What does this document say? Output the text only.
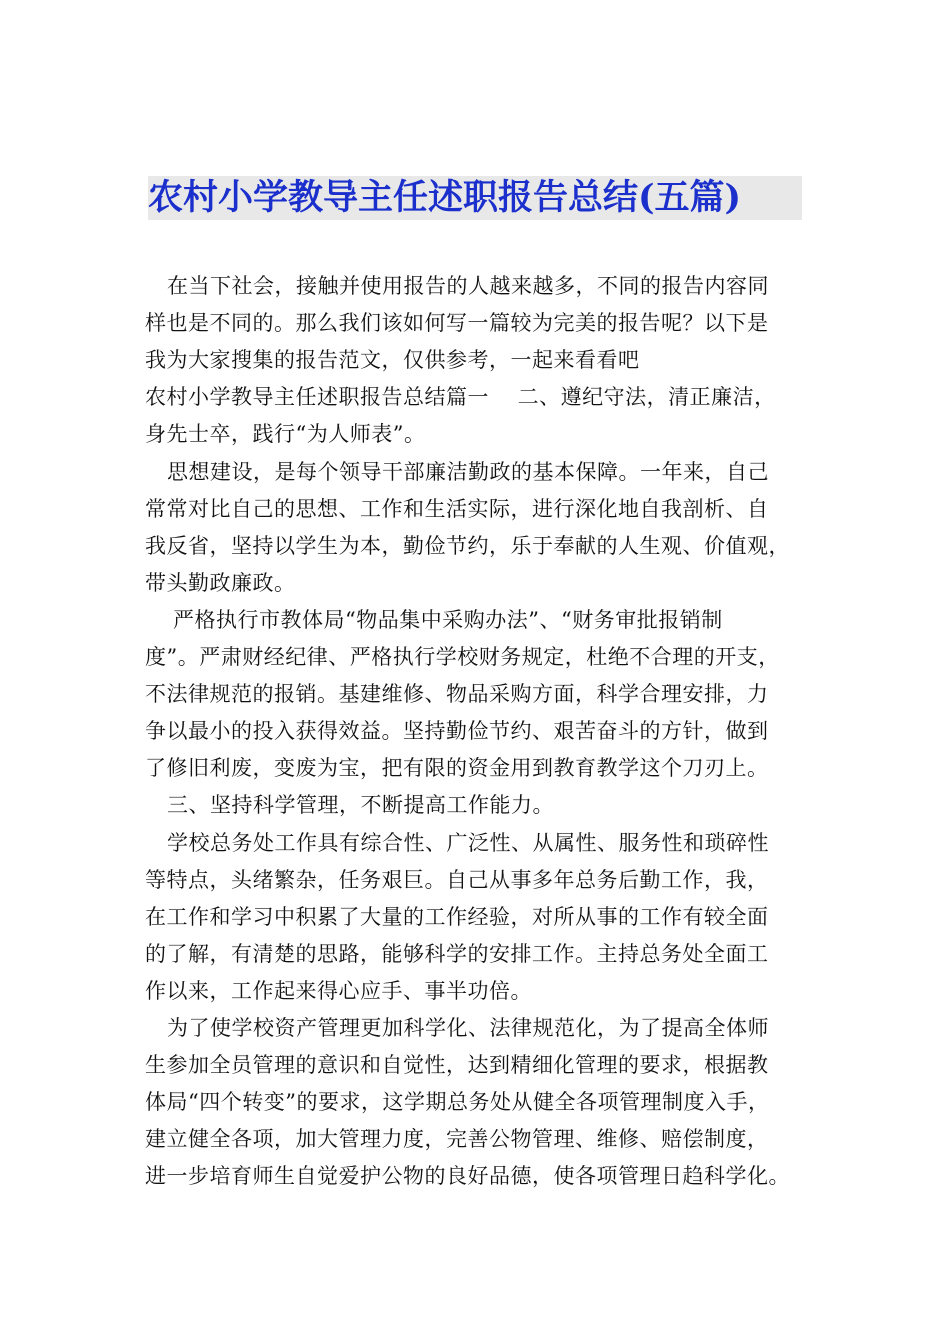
农村小学教导主任述职报告总结(五篇)
在当下社会，接触并使用报告的人越来越多，不同的报告内容同
样也是不同的。那么我们该如何写一篇较为完美的报告呢？以下是
我为大家搜集的报告范文，仅供参考，一起来看看吧
农村小学教导主任述职报告总结篇一　 二、遵纪守法，清正廉洁，
身先士卒，践行“为人师表”。
思想建设，是每个领导干部廉洁勤政的基本保障。一年来，自己
常常对比自己的思想、工作和生活实际，进行深化地自我剖析、自
我反省，坚持以学生为本，勤俭节约，乐于奉献的人生观、价值观，
带头勤政廉政。
严格执行市教体局“物品集中采购办法”、“财务审批报销制
度”。严肃财经纪律、严格执行学校财务规定，杜绝不合理的开支，
不法律规范的报销。基建维修、物品采购方面，科学合理安排，力
争以最小的投入获得效益。坚持勤俭节约、艰苦奋斗的方针，做到
了修旧利废，变废为宝，把有限的资金用到教育教学这个刀刃上。
三、坚持科学管理，不断提高工作能力。
学校总务处工作具有综合性、广泛性、从属性、服务性和琐碎性
等特点，头绪繁杂，任务艰巨。自己从事多年总务后勤工作，我，
在工作和学习中积累了大量的工作经验，对所从事的工作有较全面
的了解，有清楚的思路，能够科学的安排工作。主持总务处全面工
作以来，工作起来得心应手、事半功倍。
为了使学校资产管理更加科学化、法律规范化，为了提高全体师
生参加全员管理的意识和自觉性，达到精细化管理的要求，根据教
体局“四个转变”的要求，这学期总务处从健全各项管理制度入手，
建立健全各项，加大管理力度，完善公物管理、维修、赔偿制度，
进一步培育师生自觉爱护公物的良好品德，使各项管理日趋科学化。
